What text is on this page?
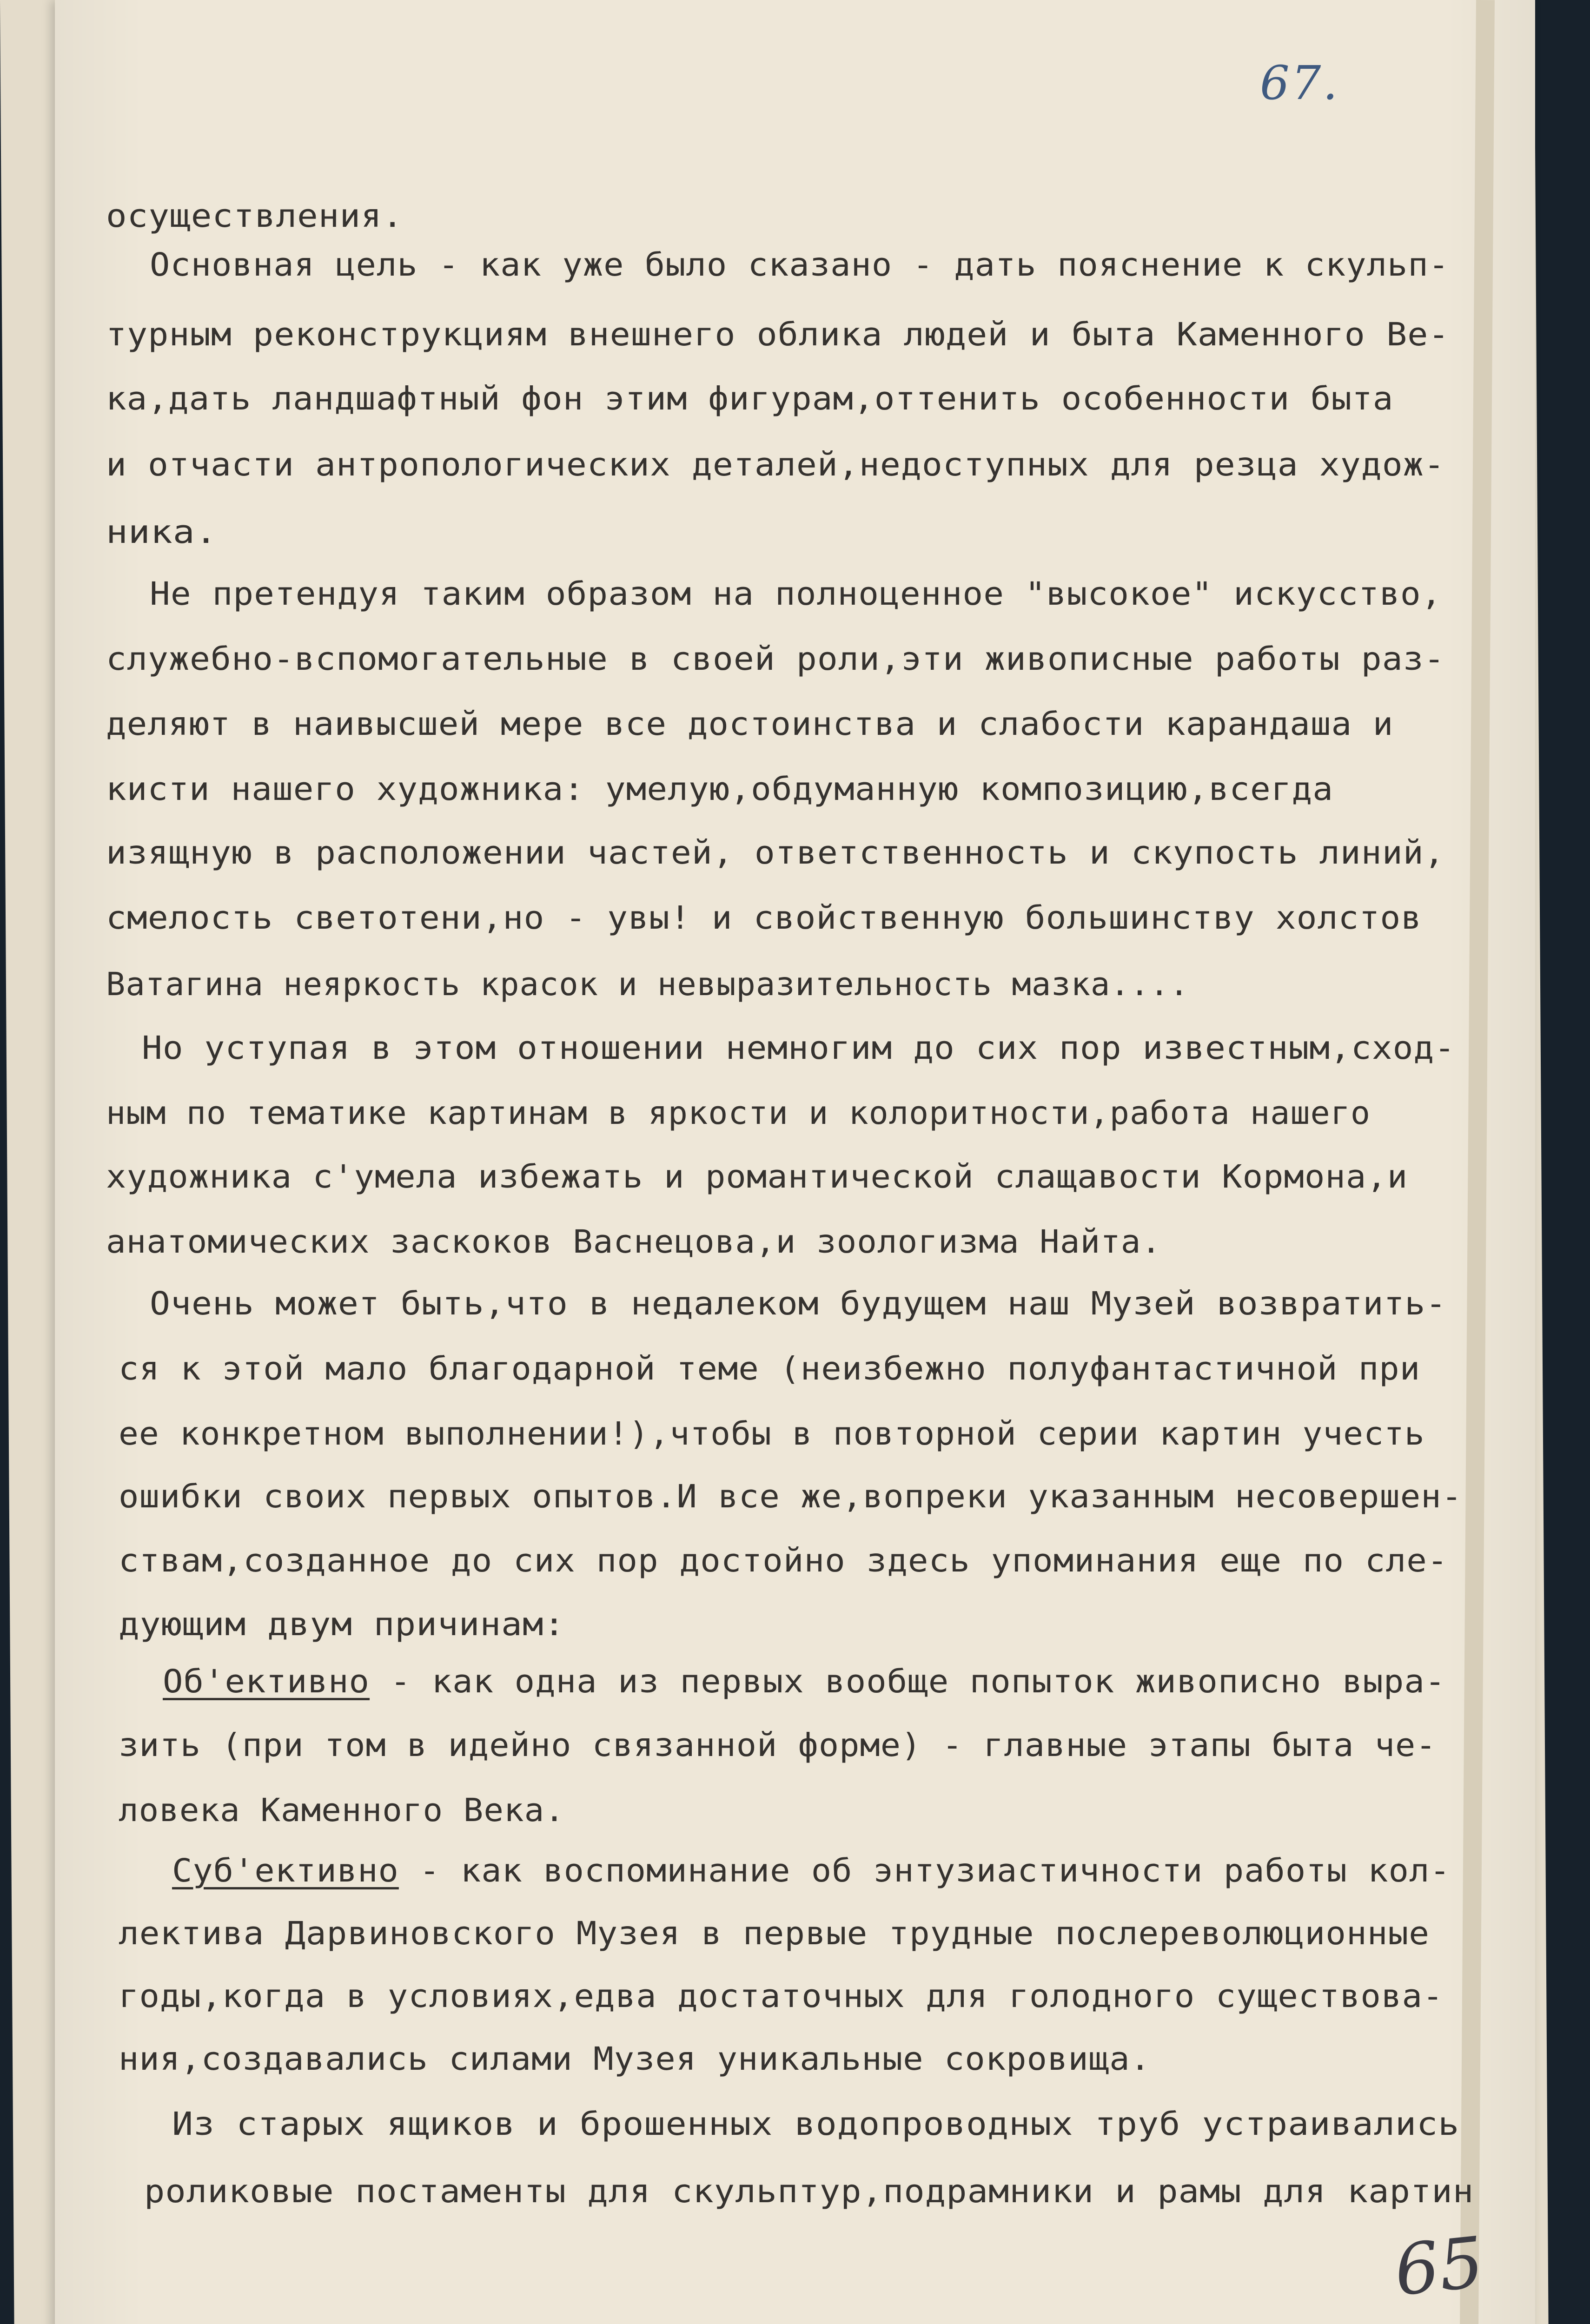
67.
осуществления.
Основная цель - как уже было сказано - дать пояснение к скульп-
турным реконструкциям внешнего облика людей и быта Каменного Ве-
ка,дать ландшафтный фон этим фигурам,оттенить особенности быта
и отчасти антропологических деталей,недоступных для резца худож-
ника.
Не претендуя таким образом на полноценное "высокое" искусство,
служебно-вспомогательные в своей роли,эти живописные работы раз-
деляют в наивысшей мере все достоинства и слабости карандаша и
кисти нашего художника: умелую,обдуманную композицию,всегда
изящную в расположении частей, ответственность и скупость линий,
смелость светотени,но - увы! и свойственную большинству холстов
Ватагина неяркость красок и невыразительность мазка....
Но уступая в этом отношении немногим до сих пор известным,сход-
ным по тематике картинам в яркости и колоритности,работа нашего
художника с'умела избежать и романтической слащавости Кормона,и
анатомических заскоков Васнецова,и зоологизма Найта.
Очень может быть,что в недалеком будущем наш Музей возвратить-
ся к этой мало благодарной теме (неизбежно полуфантастичной при
ее конкретном выполнении!),чтобы в повторной серии картин учесть
ошибки своих первых опытов.И все же,вопреки указанным несовершен-
ствам,созданное до сих пор достойно здесь упоминания еще по сле-
дующим двум причинам:
Об'ективно - как одна из первых вообще попыток живописно выра-
зить (при том в идейно связанной форме) - главные этапы быта че-
ловека Каменного Века.
Суб'ективно - как воспоминание об энтузиастичности работы кол-
лектива Дарвиновского Музея в первые трудные послереволюционные
годы,когда в условиях,едва достаточных для голодного существова-
ния,создавались силами Музея уникальные сокровища.
Из старых ящиков и брошенных водопроводных труб устраивались
роликовые постаменты для скульптур,подрамники и рамы для картин
65
